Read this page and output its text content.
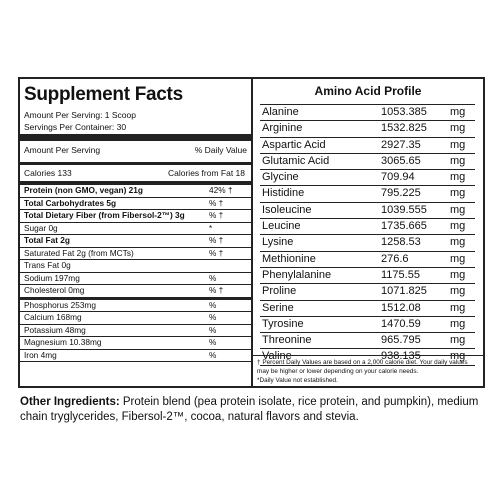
Supplement Facts
Amount Per Serving: 1 Scoop
Servings Per Container: 30
Amount Per Serving	% Daily Value
Calories 133	Calories from Fat 18
Protein (non GMO, vegan) 21g	42% †
Total Carbohydrates 5g	% †
Total Dietary Fiber (from Fibersol-2™) 3g	% †
Sugar 0g	*
Total Fat 2g	% †
Saturated Fat 2g (from MCTs)	% †
Trans Fat 0g
Sodium 197mg	%
Cholesterol 0mg	% †
Phosphorus 253mg	%
Calcium 168mg	%
Potassium 48mg	%
Magnesium 10.38mg	%
Iron 4mg	%
Amino Acid Profile
Alanine	1053.385 mg
Arginine	1532.825 mg
Aspartic Acid	2927.35	mg
Glutamic Acid	3065.65	mg
Glycine	709.94	mg
Histidine	795.225	mg
Isoleucine	1039.555 mg
Leucine	1735.665 mg
Lysine	1258.53	mg
Methionine	276.6	mg
Phenylalanine	1175.55	mg
Proline	1071.825 mg
Serine	1512.08	mg
Tyrosine	1470.59	mg
Threonine	965.795	mg
Valine	938.135	mg
† Percent Daily Values are based on a 2,000 calorie diet. Your daily values may be higher or lower depending on your calorie needs.
*Daily Value not established.
Other Ingredients: Protein blend (pea protein isolate, rice protein, and pumpkin), medium chain tryglycerides, Fibersol-2™, cocoa, natural flavors and stevia.
